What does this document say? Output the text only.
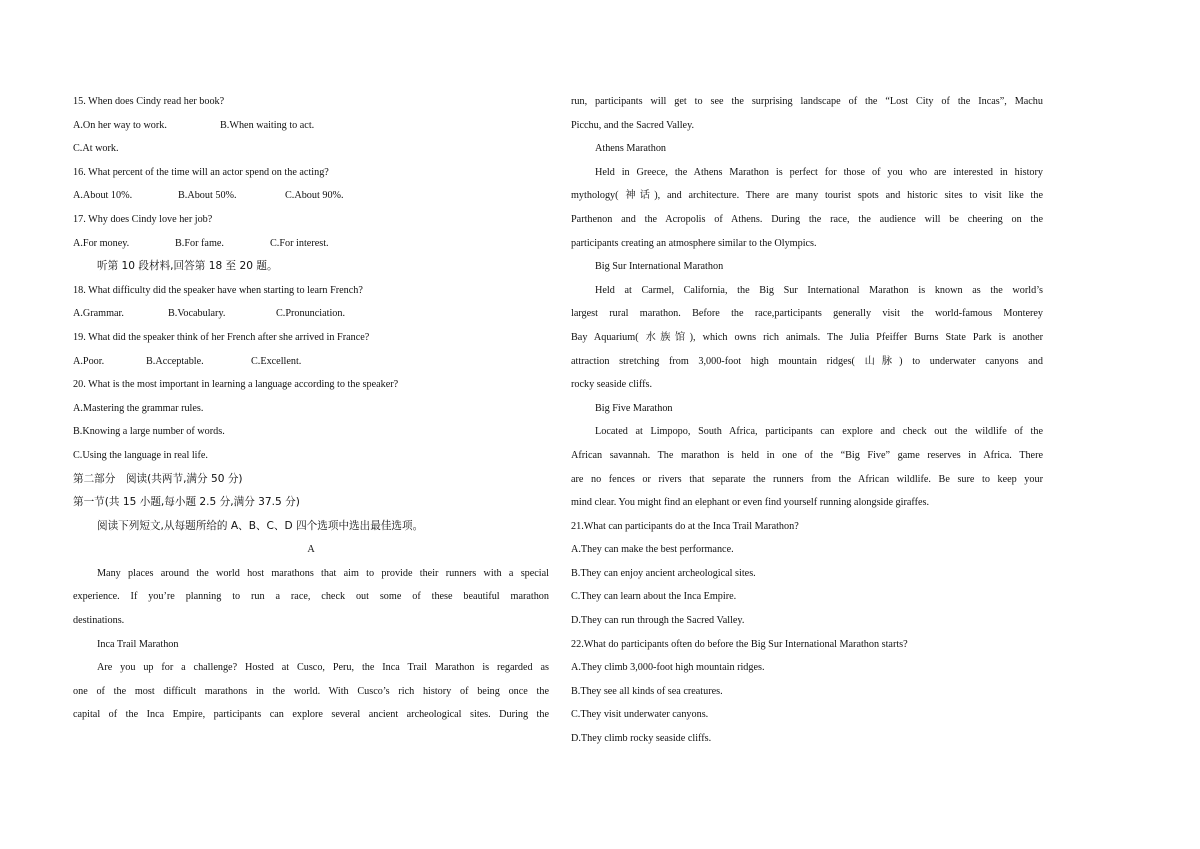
15. When does Cindy read her book?
A.On her way to work.	B.When waiting to act.
C.At work.
16. What percent of the time will an actor spend on the acting?
A.About 10%.	B.About 50%.	C.About 90%.
17. Why does Cindy love her job?
A.For money.	B.For fame.	C.For interest.
听第 10 段材料,回答第 18 至 20 题。
18. What difficulty did the speaker have when starting to learn French?
A.Grammar.	B.Vocabulary.	C.Pronunciation.
19. What did the speaker think of her French after she arrived in France?
A.Poor.	B.Acceptable.	C.Excellent.
20. What is the most important in learning a language according to the speaker?
A.Mastering the grammar rules.
B.Knowing a large number of words.
C.Using the language in real life.
第二部分　阅读(共两节,满分 50 分)
第一节(共 15 小题,每小题 2.5 分,满分 37.5 分)
阅读下列短文,从每题所给的 A、B、C、D 四个选项中选出最佳选项。
A
Many places around the world host marathons that aim to provide their runners with a special
experience. If you’re planning to run a race, check out some of these beautiful marathon
destinations.
Inca Trail Marathon
Are you up for a challenge? Hosted at Cusco, Peru, the Inca Trail Marathon is regarded as
one of the most difficult marathons in the world. With Cusco’s rich history of being once the
capital of the Inca Empire, participants can explore several ancient archeological sites. During the
run, participants will get to see the surprising landscape of the “Lost City of the Incas”, Machu
Picchu, and the Sacred Valley.
Athens Marathon
Held in Greece, the Athens Marathon is perfect for those of you who are interested in history
mythology( 神话), and architecture. There are many tourist spots and historic sites to visit like the
Parthenon and the Acropolis of Athens. During the race, the audience will be cheering on the
participants creating an atmosphere similar to the Olympics.
Big Sur International Marathon
Held at Carmel, California, the Big Sur International Marathon is known as the world’s
largest rural marathon. Before the race,participants generally visit the world-famous Monterey
Bay Aquarium( 水族馆), which owns rich animals. The Julia Pfeiffer Burns State Park is another
attraction stretching from 3,000-foot high mountain ridges( 山脉) to underwater canyons and
rocky seaside cliffs.
Big Five Marathon
Located at Limpopo, South Africa, participants can explore and check out the wildlife of the
African savannah. The marathon is held in one of the “Big Five” game reserves in Africa. There
are no fences or rivers that separate the runners from the African wildlife. Be sure to keep your
mind clear. You might find an elephant or even find yourself running alongside giraffes.
21.What can participants do at the Inca Trail Marathon?
A.They can make the best performance.
B.They can enjoy ancient archeological sites.
C.They can learn about the Inca Empire.
D.They can run through the Sacred Valley.
22.What do participants often do before the Big Sur International Marathon starts?
A.They climb 3,000-foot high mountain ridges.
B.They see all kinds of sea creatures.
C.They visit underwater canyons.
D.They climb rocky seaside cliffs.
